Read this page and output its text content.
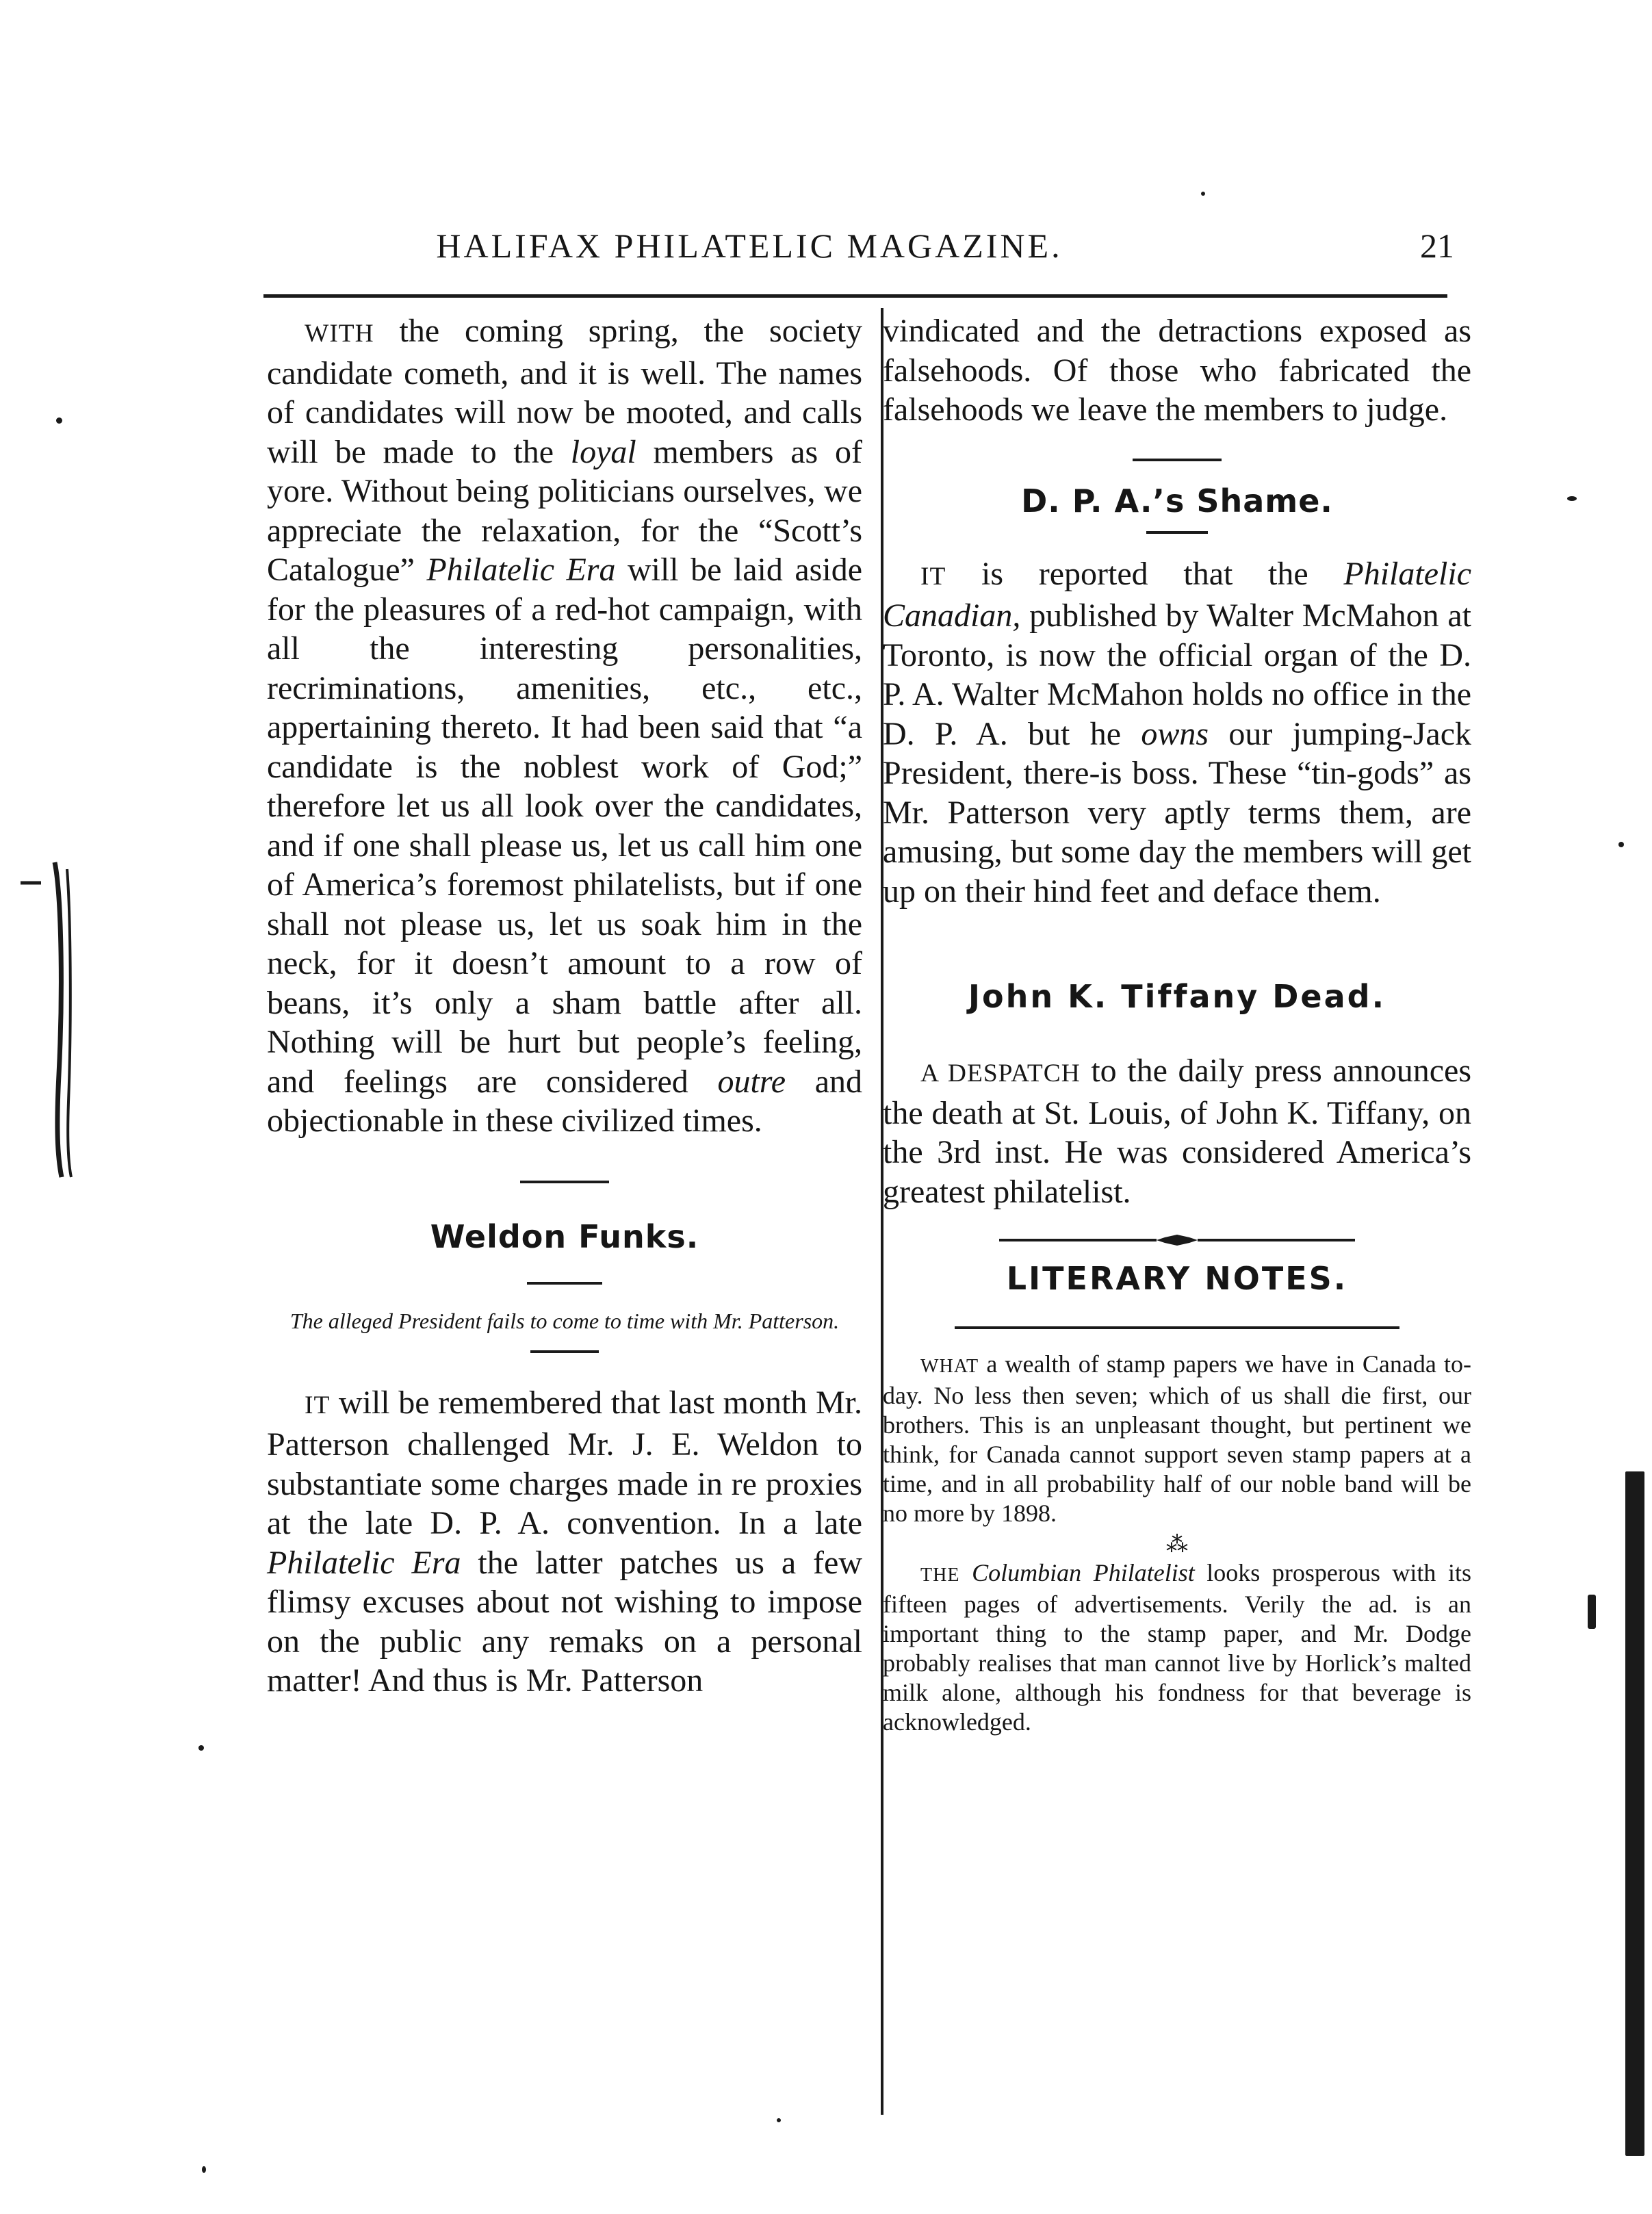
HALIFAX PHILATELIC MAGAZINE.	21

WITH the coming spring, the society candidate cometh, and it is well. The names of candidates will now be mooted, and calls will be made to the loyal members as of yore. Without being politicians ourselves, we appreciate the relaxation, for the “Scott’s Catalogue” Philatelic Era will be laid aside for the pleasures of a red-hot campaign, with all the interesting personalities, recriminations, amenities, etc., etc., appertaining thereto. It had been said that “a candidate is the noblest work of God;” therefore let us all look over the candidates, and if one shall please us, let us call him one of America’s foremost philatelists, but if one shall not please us, let us soak him in the neck, for it doesn’t amount to a row of beans, it’s only a sham battle after all. Nothing will be hurt but people’s feeling, and feelings are considered outre and objectionable in these civilized times.

Weldon Funks.

The alleged President fails to come to time with Mr. Patterson.

IT will be remembered that last month Mr. Patterson challenged Mr. J. E. Weldon to substantiate some charges made in re proxies at the late D. P. A. convention. In a late Philatelic Era the latter patches us a few flimsy excuses about not wishing to impose on the public any remaks on a personal matter! And thus is Mr. Patterson

vindicated and the detractions exposed as falsehoods. Of those who fabricated the falsehoods we leave the members to judge.

D. P. A.’s Shame.

IT is reported that the Philatelic Canadian, published by Walter McMahon at Toronto, is now the official organ of the D. P. A. Walter McMahon holds no office in the D. P. A. but he owns our jumping-Jack President, there-is boss. These “tin-gods” as Mr. Patterson very aptly terms them, are amusing, but some day the members will get up on their hind feet and deface them.

John K. Tiffany Dead.

A DESPATCH to the daily press announces the death at St. Louis, of John K. Tiffany, on the 3rd inst. He was considered America’s greatest philatelist.

LITERARY NOTES.

WHAT a wealth of stamp papers we have in Canada to-day. No less then seven; which of us shall die first, our brothers. This is an unpleasant thought, but pertinent we think, for Canada cannot support seven stamp papers at a time, and in all probability half of our noble band will be no more by 1898.

⁂

THE Columbian Philatelist looks prosperous with its fifteen pages of advertisements. Verily the ad. is an important thing to the stamp paper, and Mr. Dodge probably realises that man cannot live by Horlick’s malted milk alone, although his fondness for that beverage is acknowledged.
